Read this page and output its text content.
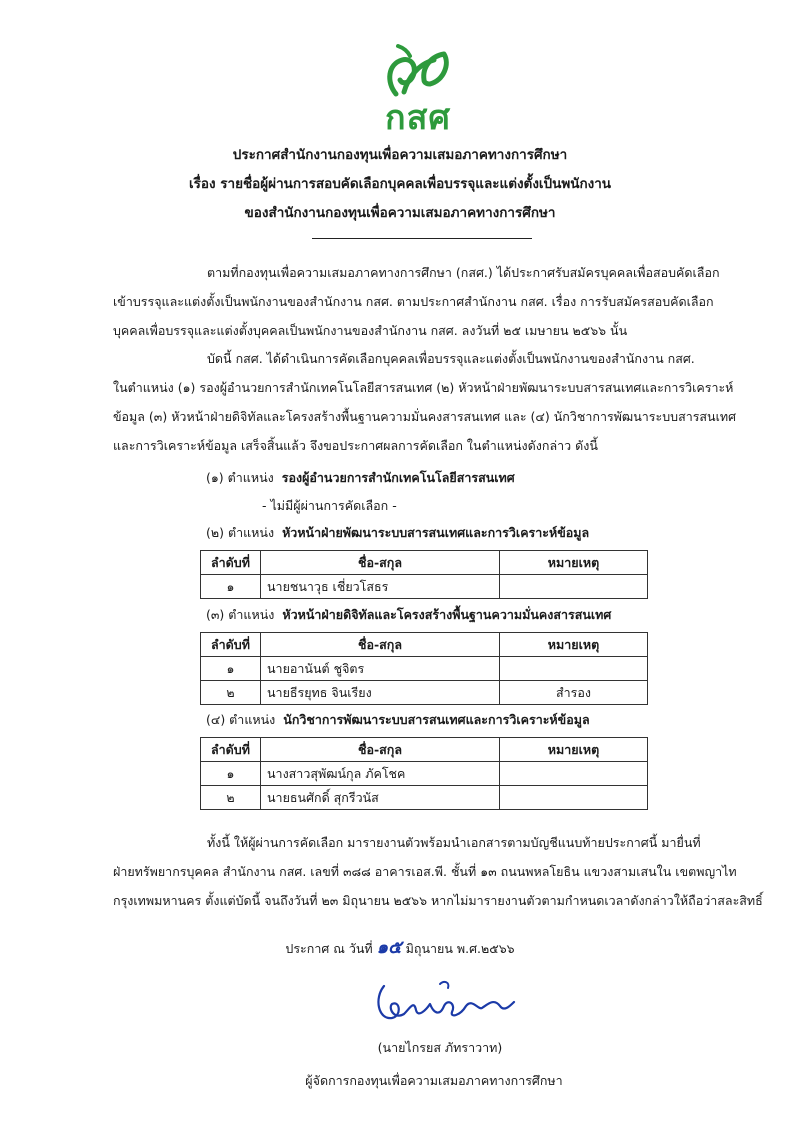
กสศ
ประกาศสำนักงานกองทุนเพื่อความเสมอภาคทางการศึกษา
เรื่อง รายชื่อผู้ผ่านการสอบคัดเลือกบุคคลเพื่อบรรจุและแต่งตั้งเป็นพนักงาน
ของสำนักงานกองทุนเพื่อความเสมอภาคทางการศึกษา
ตามที่กองทุนเพื่อความเสมอภาคทางการศึกษา (กสศ.) ได้ประกาศรับสมัครบุคคลเพื่อสอบคัดเลือก
เข้าบรรจุและแต่งตั้งเป็นพนักงานของสำนักงาน กสศ. ตามประกาศสำนักงาน กสศ. เรื่อง การรับสมัครสอบคัดเลือก
บุคคลเพื่อบรรจุและแต่งตั้งบุคคลเป็นพนักงานของสำนักงาน กสศ. ลงวันที่ ๒๕ เมษายน ๒๕๖๖ นั้น
บัดนี้ กสศ. ได้ดำเนินการคัดเลือกบุคคลเพื่อบรรจุและแต่งตั้งเป็นพนักงานของสำนักงาน กสศ.
ในตำแหน่ง (๑) รองผู้อำนวยการสำนักเทคโนโลยีสารสนเทศ (๒) หัวหน้าฝ่ายพัฒนาระบบสารสนเทศและการวิเคราะห์
ข้อมูล (๓) หัวหน้าฝ่ายดิจิทัลและโครงสร้างพื้นฐานความมั่นคงสารสนเทศ และ (๔) นักวิชาการพัฒนาระบบสารสนเทศ
และการวิเคราะห์ข้อมูล เสร็จสิ้นแล้ว จึงขอประกาศผลการคัดเลือก ในตำแหน่งดังกล่าว ดังนี้
(๑) ตำแหน่ง รองผู้อำนวยการสำนักเทคโนโลยีสารสนเทศ
- ไม่มีผู้ผ่านการคัดเลือก -
(๒) ตำแหน่ง หัวหน้าฝ่ายพัฒนาระบบสารสนเทศและการวิเคราะห์ข้อมูล
ลำดับที่	ชื่อ-สกุล	หมายเหตุ
๑	นายชนาวุธ เชี่ยวโสธร	
(๓) ตำแหน่ง หัวหน้าฝ่ายดิจิทัลและโครงสร้างพื้นฐานความมั่นคงสารสนเทศ
ลำดับที่	ชื่อ-สกุล	หมายเหตุ
๑	นายอานันต์ ชูจิตร	
๒	นายธีรยุทธ จินเรียง	สำรอง
(๔) ตำแหน่ง นักวิชาการพัฒนาระบบสารสนเทศและการวิเคราะห์ข้อมูล
ลำดับที่	ชื่อ-สกุล	หมายเหตุ
๑	นางสาวสุพัฒน์กุล ภัคโชค	
๒	นายธนศักดิ์ สุกรีวนัส	
ทั้งนี้ ให้ผู้ผ่านการคัดเลือก มารายงานตัวพร้อมนำเอกสารตามบัญชีแนบท้ายประกาศนี้ มายื่นที่
ฝ่ายทรัพยากรบุคคล สำนักงาน กสศ. เลขที่ ๓๘๘ อาคารเอส.พี. ชั้นที่ ๑๓ ถนนพหลโยธิน แขวงสามเสนใน เขตพญาไท
กรุงเทพมหานคร ตั้งแต่บัดนี้ จนถึงวันที่ ๒๓ มิถุนายน ๒๕๖๖ หากไม่มารายงานตัวตามกำหนดเวลาดังกล่าวให้ถือว่าสละสิทธิ์
ประกาศ ณ วันที่ ๑๕ มิถุนายน พ.ศ.๒๕๖๖
(นายไกรยส ภัทราวาท)
ผู้จัดการกองทุนเพื่อความเสมอภาคทางการศึกษา
